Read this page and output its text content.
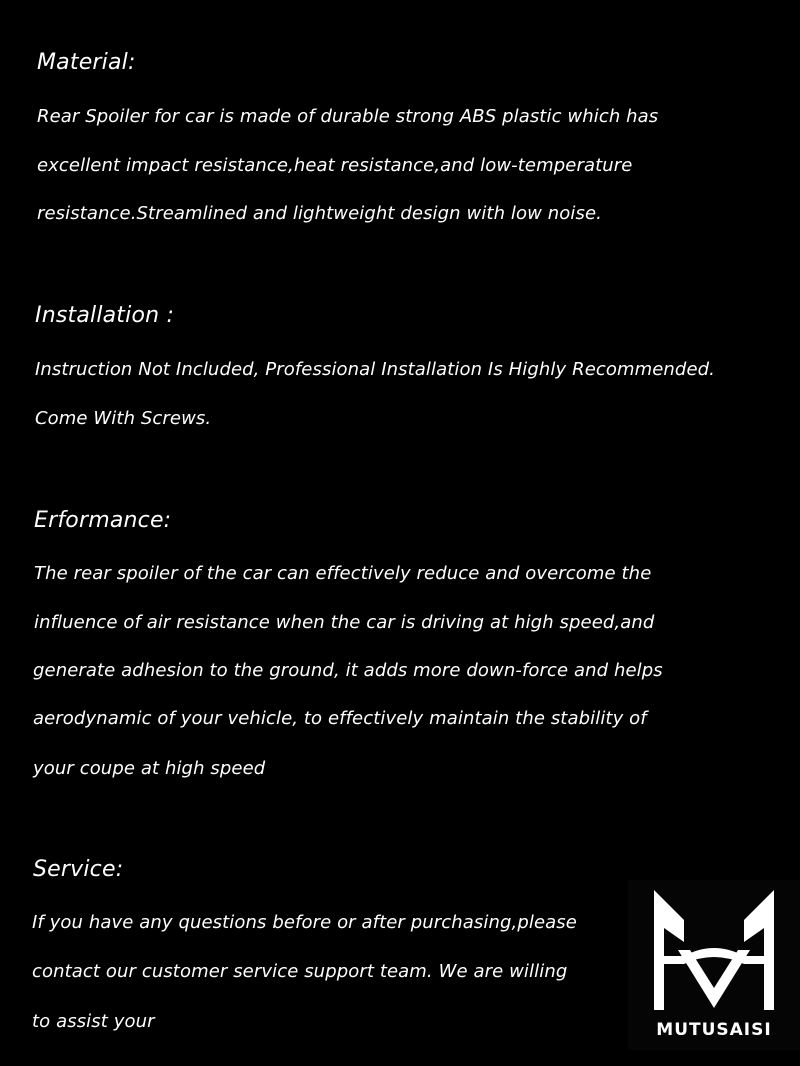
Material:
Rear Spoiler for car is made of durable strong ABS plastic which has
excellent impact resistance,heat resistance,and low-temperature
resistance.Streamlined and lightweight design with low noise.
Installation :
Instruction Not Included, Professional Installation Is Highly Recommended.
Come With Screws.
Erformance:
The rear spoiler of the car can effectively reduce and overcome the
influence of air resistance when the car is driving at high speed,and
generate adhesion to the ground, it adds more down-force and helps
aerodynamic of your vehicle, to effectively maintain the stability of
your coupe at high speed
Service:
If you have any questions before or after purchasing,please
contact our customer service support team. We are willing
to assist your	MUTUSAISI
